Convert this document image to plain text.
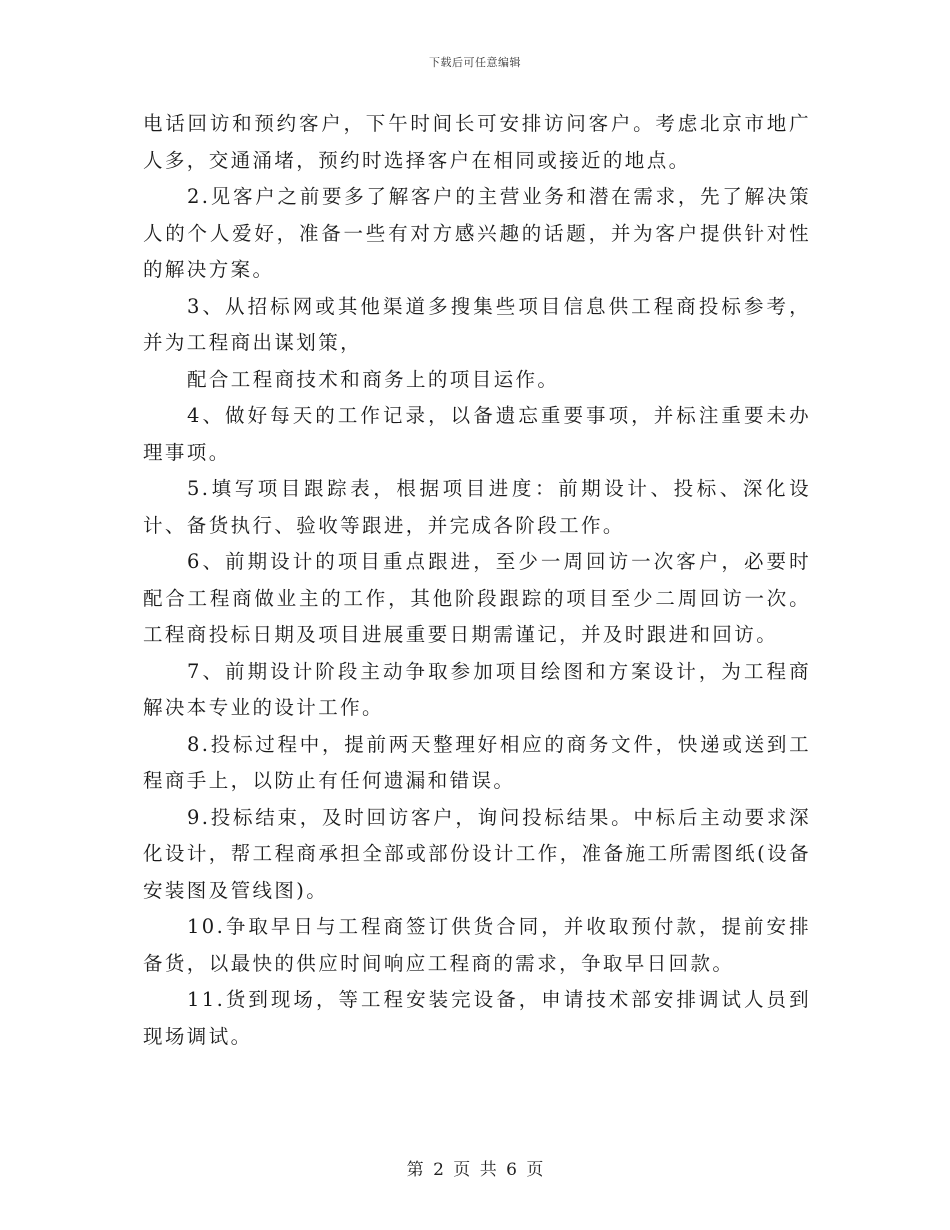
下载后可任意编辑

电话回访和预约客户，下午时间长可安排访问客户。考虑北京市地广人多，交通涌堵，预约时选择客户在相同或接近的地点。

2.见客户之前要多了解客户的主营业务和潜在需求，先了解决策人的个人爱好，准备一些有对方感兴趣的话题，并为客户提供针对性的解决方案。

3、从招标网或其他渠道多搜集些项目信息供工程商投标参考，并为工程商出谋划策，

配合工程商技术和商务上的项目运作。

4、做好每天的工作记录，以备遗忘重要事项，并标注重要未办理事项。

5.填写项目跟踪表，根据项目进度：前期设计、投标、深化设计、备货执行、验收等跟进，并完成各阶段工作。

6、前期设计的项目重点跟进，至少一周回访一次客户，必要时配合工程商做业主的工作，其他阶段跟踪的项目至少二周回访一次。工程商投标日期及项目进展重要日期需谨记，并及时跟进和回访。

7、前期设计阶段主动争取参加项目绘图和方案设计，为工程商解决本专业的设计工作。

8.投标过程中，提前两天整理好相应的商务文件，快递或送到工程商手上，以防止有任何遗漏和错误。

9.投标结束，及时回访客户，询问投标结果。中标后主动要求深化设计，帮工程商承担全部或部份设计工作，准备施工所需图纸(设备安装图及管线图)。

10.争取早日与工程商签订供货合同，并收取预付款，提前安排备货，以最快的供应时间响应工程商的需求，争取早日回款。

11.货到现场，等工程安装完设备，申请技术部安排调试人员到现场调试。

第 2 页 共 6 页
